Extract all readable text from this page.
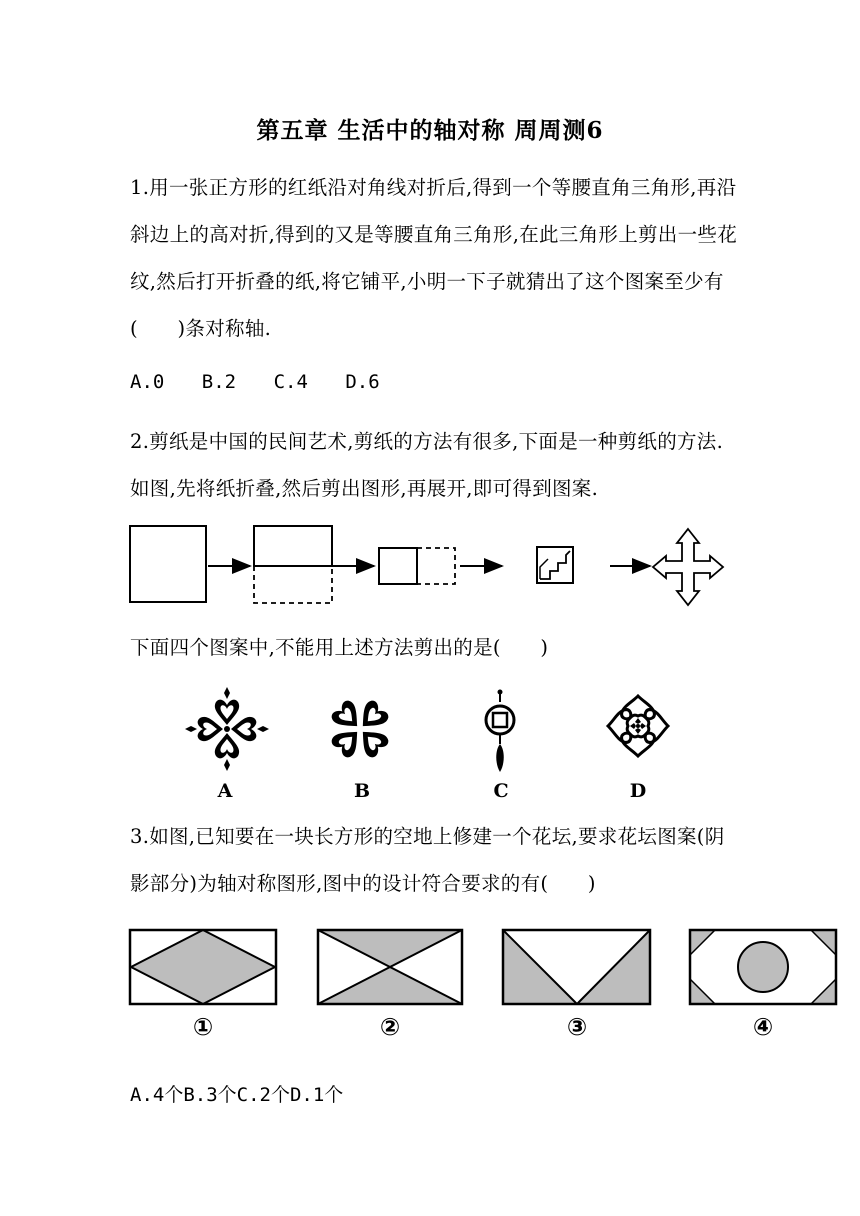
第五章 生活中的轴对称 周周测6
1.用一张正方形的红纸沿对角线对折后,得到一个等腰直角三角形,再沿斜边上的高对折,得到的又是等腰直角三角形,在此三角形上剪出一些花纹,然后打开折叠的纸,将它铺平,小明一下子就猜出了这个图案至少有(　　)条对称轴.
A.0 B.2 C.4 D.6
2.剪纸是中国的民间艺术,剪纸的方法有很多,下面是一种剪纸的方法.如图,先将纸折叠,然后剪出图形,再展开,即可得到图案.
下面四个图案中,不能用上述方法剪出的是(　　)
A	B	C	D
3.如图,已知要在一块长方形的空地上修建一个花坛,要求花坛图案(阴影部分)为轴对称图形,图中的设计符合要求的有(　　)
①	②	③	④
A.4个B.3个C.2个D.1个
